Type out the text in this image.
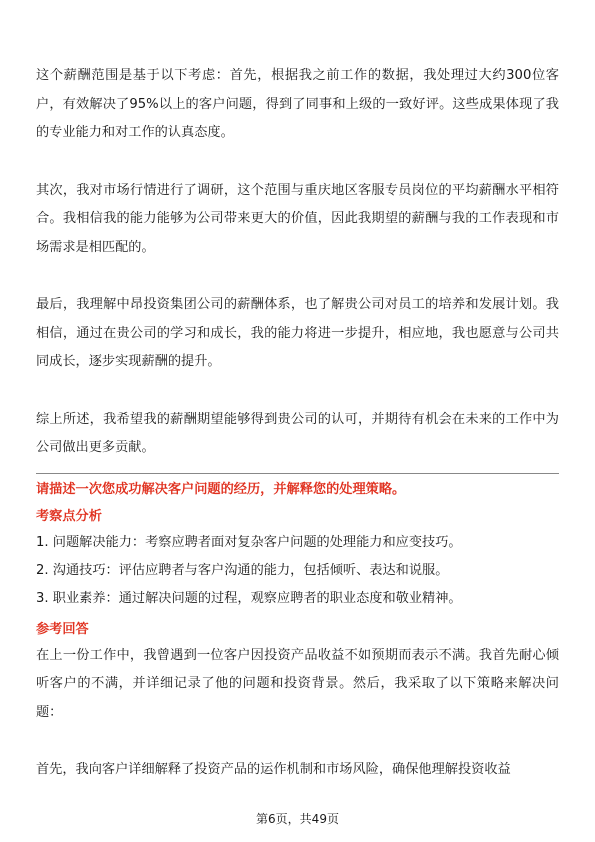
这个薪酬范围是基于以下考虑：首先，根据我之前工作的数据，我处理过大约300位客户，有效解决了95%以上的客户问题，得到了同事和上级的一致好评。这些成果体现了我的专业能力和对工作的认真态度。

其次，我对市场行情进行了调研，这个范围与重庆地区客服专员岗位的平均薪酬水平相符合。我相信我的能力能够为公司带来更大的价值，因此我期望的薪酬与我的工作表现和市场需求是相匹配的。

最后，我理解中昂投资集团公司的薪酬体系，也了解贵公司对员工的培养和发展计划。我相信，通过在贵公司的学习和成长，我的能力将进一步提升，相应地，我也愿意与公司共同成长，逐步实现薪酬的提升。

综上所述，我希望我的薪酬期望能够得到贵公司的认可，并期待有机会在未来的工作中为公司做出更多贡献。

请描述一次您成功解决客户问题的经历，并解释您的处理策略。

考察点分析

1. 问题解决能力：考察应聘者面对复杂客户问题的处理能力和应变技巧。

2. 沟通技巧：评估应聘者与客户沟通的能力，包括倾听、表达和说服。

3. 职业素养：通过解决问题的过程，观察应聘者的职业态度和敬业精神。

参考回答

在上一份工作中，我曾遇到一位客户因投资产品收益不如预期而表示不满。我首先耐心倾听客户的不满，并详细记录了他的问题和投资背景。然后，我采取了以下策略来解决问题：

首先，我向客户详细解释了投资产品的运作机制和市场风险，确保他理解投资收益

第6页，共49页
